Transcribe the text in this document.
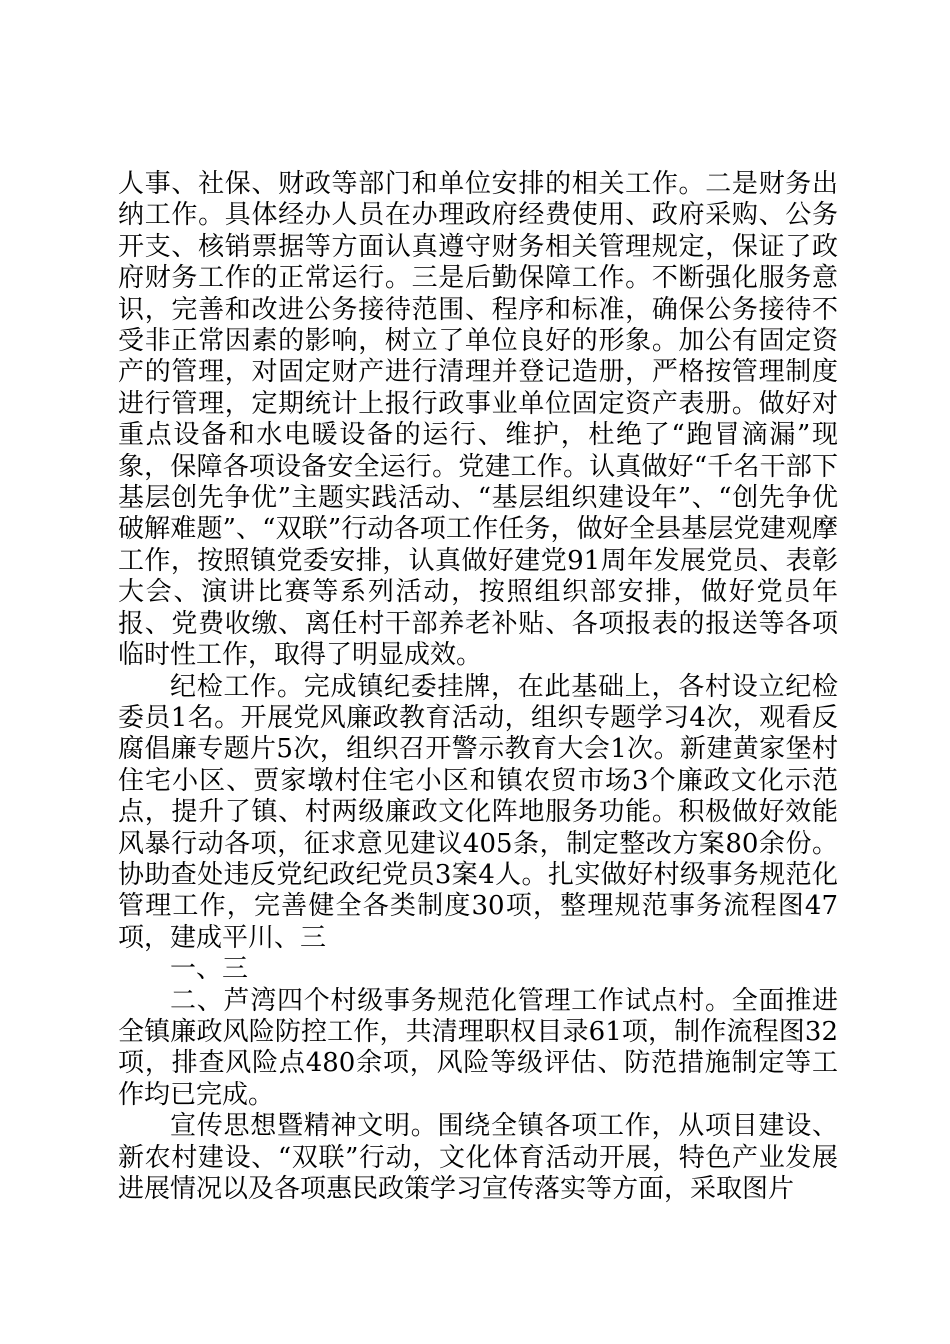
人事、社保、财政等部门和单位安排的相关工作。二是财务出纳工作。具体经办人员在办理政府经费使用、政府采购、公务开支、核销票据等方面认真遵守财务相关管理规定，保证了政府财务工作的正常运行。三是后勤保障工作。不断强化服务意识，完善和改进公务接待范围、程序和标准，确保公务接待不受非正常因素的影响，树立了单位良好的形象。加公有固定资产的管理，对固定财产进行清理并登记造册，严格按管理制度进行管理，定期统计上报行政事业单位固定资产表册。做好对重点设备和水电暖设备的运行、维护，杜绝了“跑冒滴漏”现象，保障各项设备安全运行。党建工作。认真做好“千名干部下基层创先争优”主题实践活动、“基层组织建设年”、“创先争优破解难题”、“双联”行动各项工作任务，做好全县基层党建观摩工作，按照镇党委安排，认真做好建党91周年发展党员、表彰大会、演讲比赛等系列活动，按照组织部安排，做好党员年报、党费收缴、离任村干部养老补贴、各项报表的报送等各项临时性工作，取得了明显成效。

纪检工作。完成镇纪委挂牌，在此基础上，各村设立纪检委员1名。开展党风廉政教育活动，组织专题学习4次，观看反腐倡廉专题片5次，组织召开警示教育大会1次。新建黄家堡村住宅小区、贾家墩村住宅小区和镇农贸市场3个廉政文化示范点，提升了镇、村两级廉政文化阵地服务功能。积极做好效能风暴行动各项，征求意见建议405条，制定整改方案80余份。协助查处违反党纪政纪党员3案4人。扎实做好村级事务规范化管理工作，完善健全各类制度30项，整理规范事务流程图47项，建成平川、三

一、三

二、芦湾四个村级事务规范化管理工作试点村。全面推进全镇廉政风险防控工作，共清理职权目录61项，制作流程图32项，排查风险点480余项，风险等级评估、防范措施制定等工作均已完成。

宣传思想暨精神文明。围绕全镇各项工作，从项目建设、新农村建设、“双联”行动，文化体育活动开展，特色产业发展进展情况以及各项惠民政策学习宣传落实等方面，采取图片
